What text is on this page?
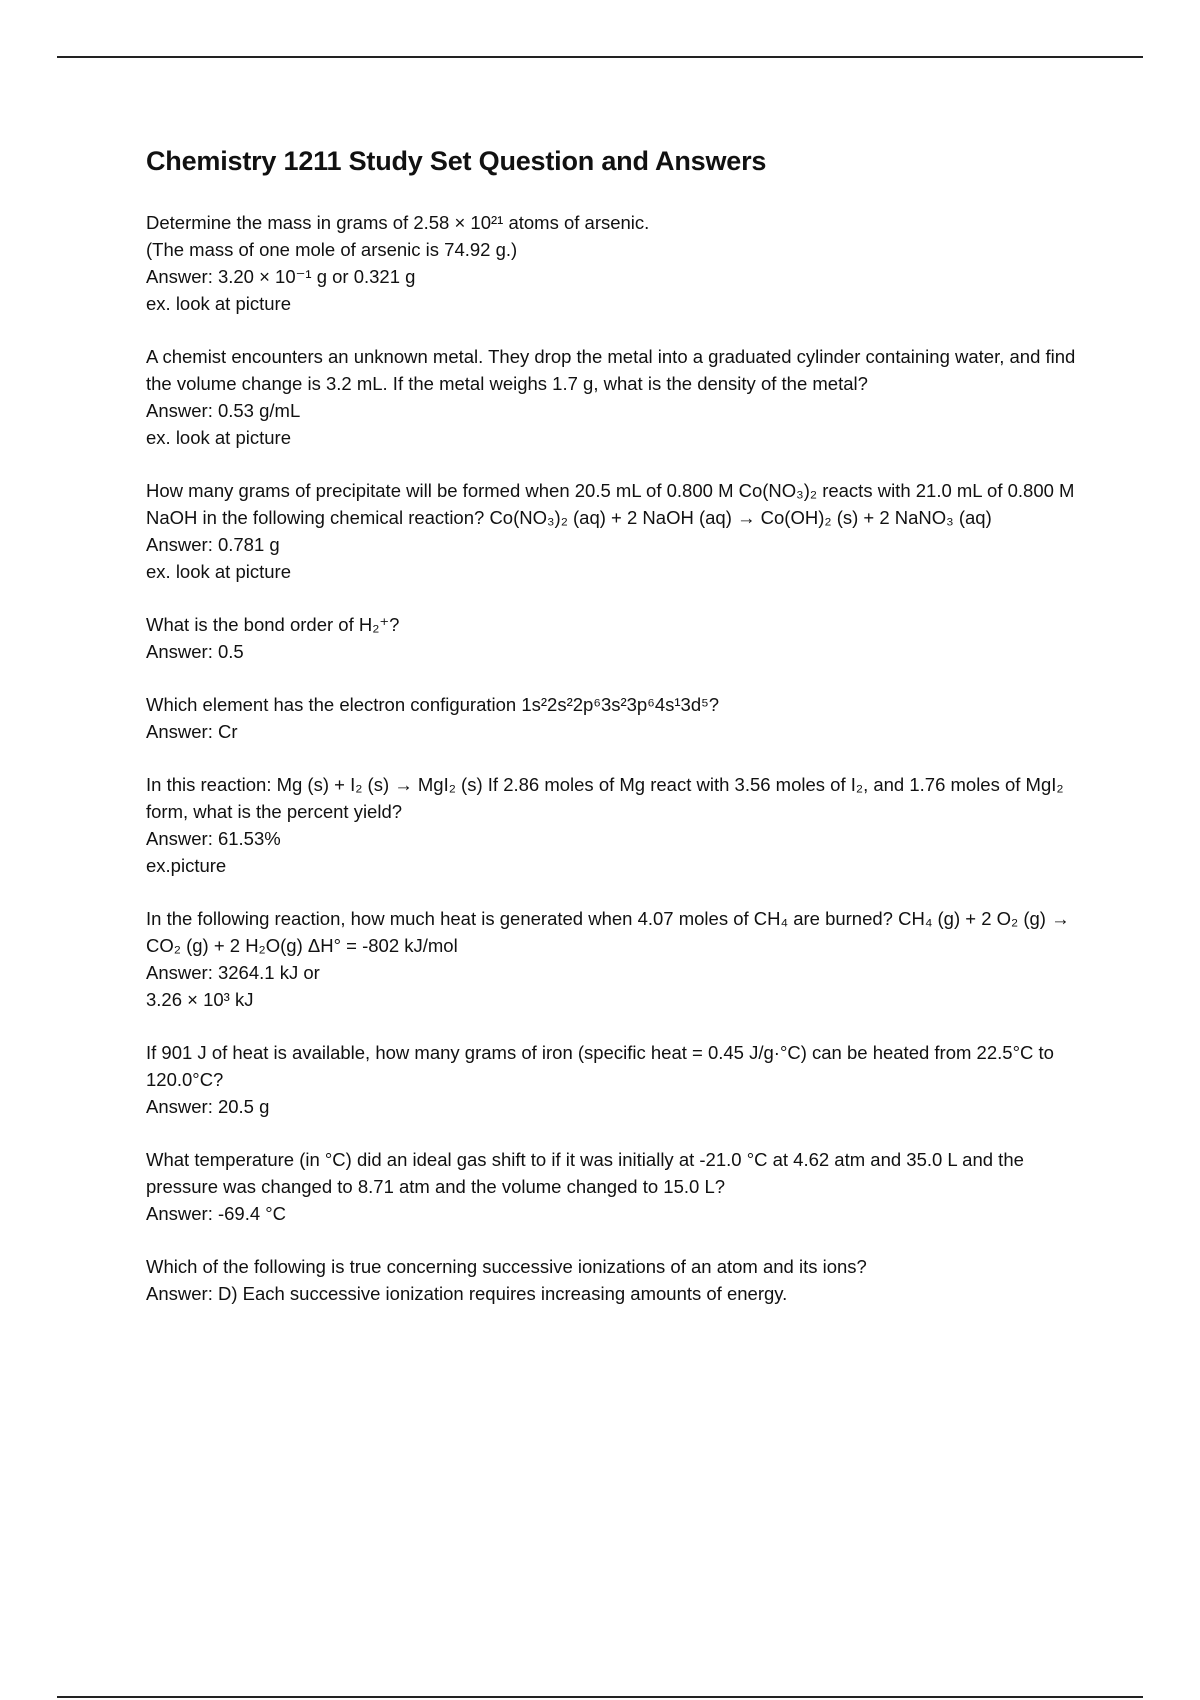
Chemistry 1211 Study Set Question and Answers
Determine the mass in grams of 2.58 × 10²¹ atoms of arsenic.
(The mass of one mole of arsenic is 74.92 g.)
Answer: 3.20 × 10⁻¹ g or 0.321 g
ex. look at picture
A chemist encounters an unknown metal. They drop the metal into a graduated cylinder containing water, and find the volume change is 3.2 mL. If the metal weighs 1.7 g, what is the density of the metal?
Answer: 0.53 g/mL
ex. look at picture
How many grams of precipitate will be formed when 20.5 mL of 0.800 M Co(NO₃)₂ reacts with 21.0 mL of 0.800 M NaOH in the following chemical reaction? Co(NO₃)₂ (aq) + 2 NaOH (aq) → Co(OH)₂ (s) + 2 NaNO₃ (aq)
Answer: 0.781 g
ex. look at picture
What is the bond order of H₂⁺?
Answer: 0.5
Which element has the electron configuration 1s²2s²2p⁶3s²3p⁶4s¹3d⁵?
Answer: Cr
In this reaction: Mg (s) + I₂ (s) → MgI₂ (s) If 2.86 moles of Mg react with 3.56 moles of I₂, and 1.76 moles of MgI₂ form, what is the percent yield?
Answer: 61.53%
ex.picture
In the following reaction, how much heat is generated when 4.07 moles of CH₄ are burned? CH₄ (g) + 2 O₂ (g) → CO₂ (g) + 2 H₂O(g) ΔH° = -802 kJ/mol
Answer: 3264.1 kJ or
3.26 × 10³ kJ
If 901 J of heat is available, how many grams of iron (specific heat = 0.45 J/g·°C) can be heated from 22.5°C to 120.0°C?
Answer: 20.5 g
What temperature (in °C) did an ideal gas shift to if it was initially at -21.0 °C at 4.62 atm and 35.0 L and the pressure was changed to 8.71 atm and the volume changed to 15.0 L?
Answer: -69.4 °C
Which of the following is true concerning successive ionizations of an atom and its ions?
Answer: D) Each successive ionization requires increasing amounts of energy.
